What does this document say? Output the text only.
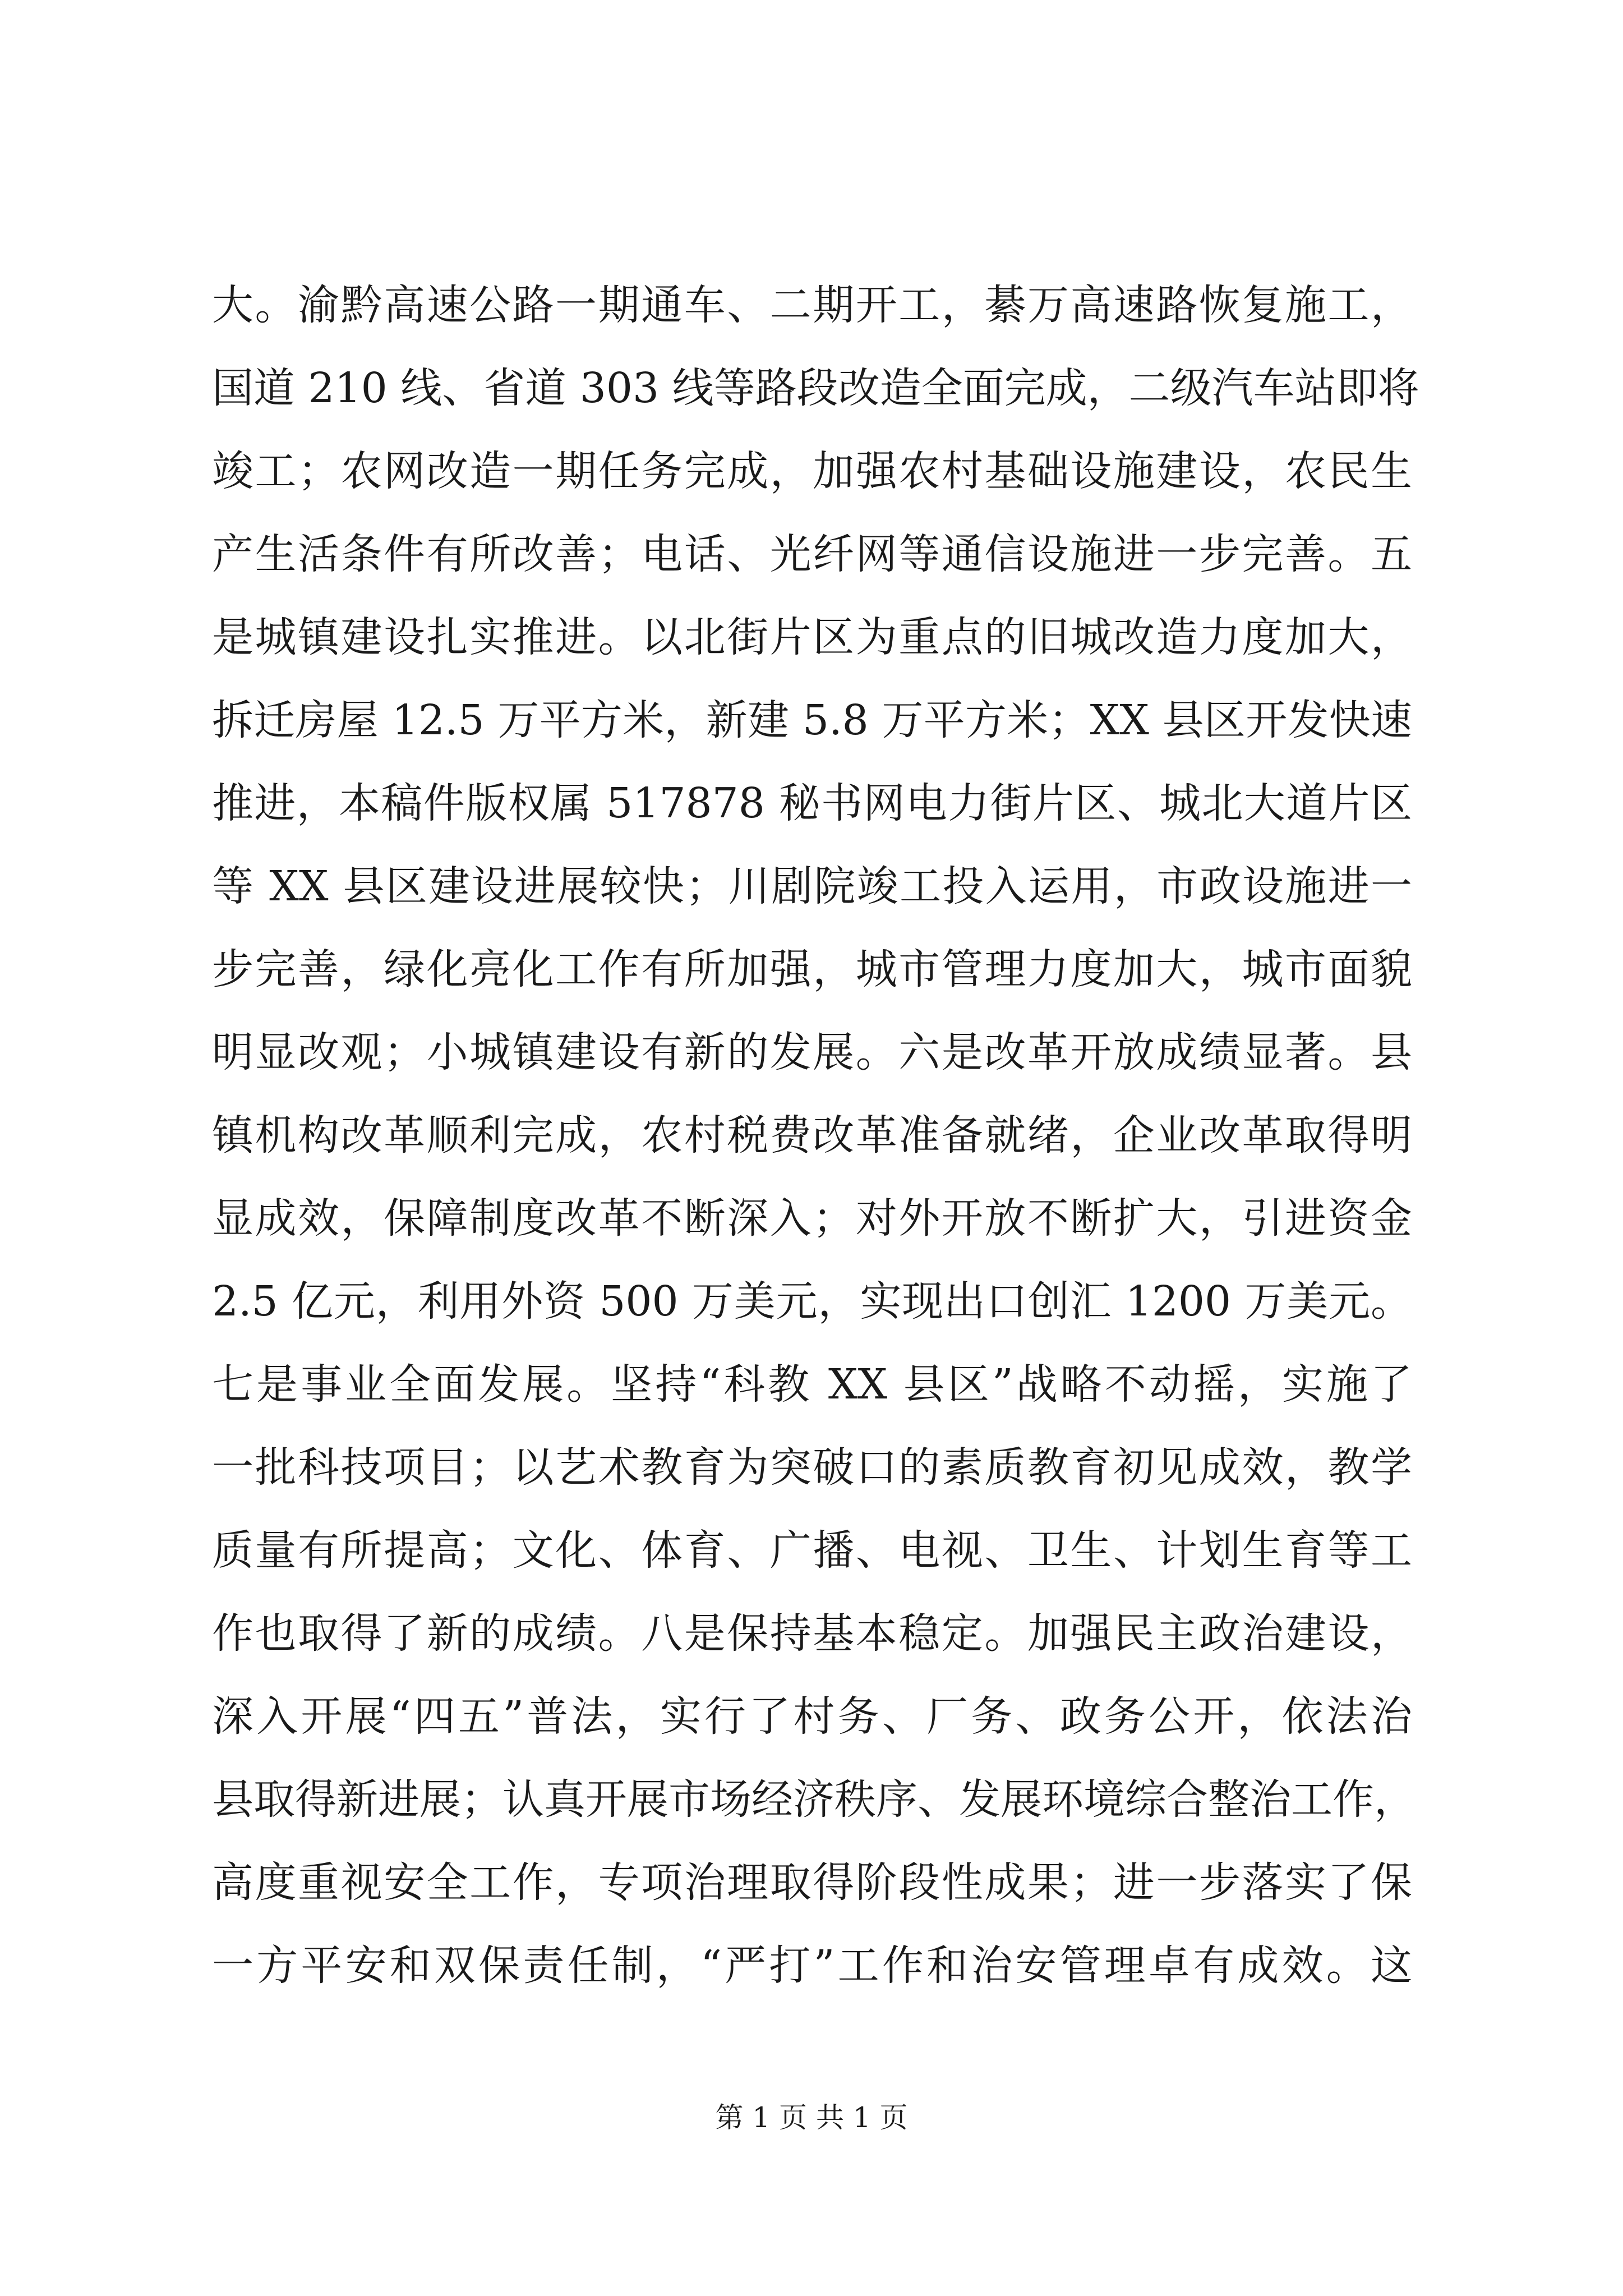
大。渝黔高速公路一期通车、二期开工，綦万高速路恢复施工，
国道 210 线、省道 303 线等路段改造全面完成，二级汽车站即将
竣工；农网改造一期任务完成，加强农村基础设施建设，农民生
产生活条件有所改善；电话、光纤网等通信设施进一步完善。五
是城镇建设扎实推进。以北街片区为重点的旧城改造力度加大，
拆迁房屋 12.5 万平方米，新建 5.8 万平方米；XX 县区开发快速
推进，本稿件版权属 517878 秘书网电力街片区、城北大道片区
等 XX 县区建设进展较快；川剧院竣工投入运用，市政设施进一
步完善，绿化亮化工作有所加强，城市管理力度加大，城市面貌
明显改观；小城镇建设有新的发展。六是改革开放成绩显著。县
镇机构改革顺利完成，农村税费改革准备就绪，企业改革取得明
显成效，保障制度改革不断深入；对外开放不断扩大，引进资金
2.5 亿元，利用外资 500 万美元，实现出口创汇 1200 万美元。
七是事业全面发展。坚持“科教 XX 县区”战略不动摇，实施了
一批科技项目；以艺术教育为突破口的素质教育初见成效，教学
质量有所提高；文化、体育、广播、电视、卫生、计划生育等工
作也取得了新的成绩。八是保持基本稳定。加强民主政治建设，
深入开展“四五”普法，实行了村务、厂务、政务公开，依法治
县取得新进展；认真开展市场经济秩序、发展环境综合整治工作，
高度重视安全工作，专项治理取得阶段性成果；进一步落实了保
一方平安和双保责任制，“严打”工作和治安管理卓有成效。这
第 1 页 共 1 页
